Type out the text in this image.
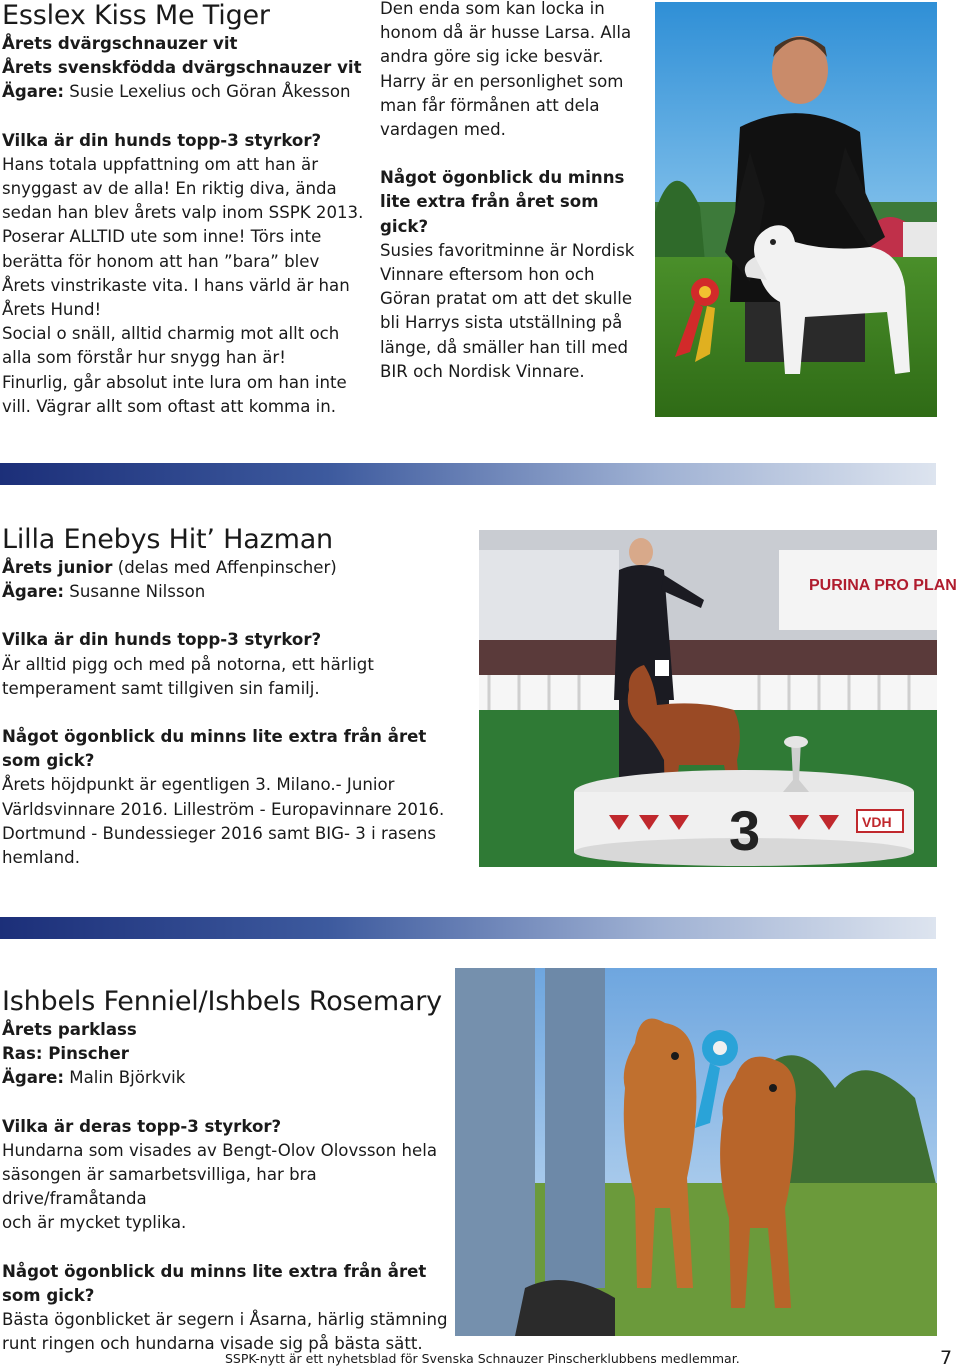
Esslex Kiss Me Tiger

Årets dvärgschnauzer vit

Årets svenskfödda dvärgschnauzer vit

Ägare: Susie Lexelius och Göran Åkesson

Vilka är din hunds topp-3 styrkor?

Hans totala uppfattning om att han är

snyggast av de alla! En riktig diva, ända

sedan han blev årets valp inom SSPK 2013.

Poserar ALLTID ute som inne! Törs inte

berätta för honom att han ”bara” blev

Årets vinstrikaste vita. I hans värld är han

Årets Hund!

Social o snäll, alltid charmig mot allt och

alla som förstår hur snygg han är!

Finurlig, går absolut inte lura om han inte

vill. Vägrar allt som oftast att komma in.

Den enda som kan locka in

honom då är husse Larsa. Alla

andra göre sig icke besvär.

Harry är en personlighet som

man får förmånen att dela

vardagen med.

Något ögonblick du minns

lite extra från året som

gick?

Susies favoritminne är Nordisk

Vinnare eftersom hon och

Göran pratat om att det skulle

bli Harrys sista utställning på

länge, då smäller han till med

BIR och Nordisk Vinnare.

Lilla Enebys Hit’ Hazman

Årets junior (delas med Affenpinscher)

Ägare: Susanne Nilsson

Vilka är din hunds topp-3 styrkor?

Är alltid pigg och med på notorna, ett härligt

temperament samt tillgiven sin familj.

Något ögonblick du minns lite extra från året

som gick?

Årets höjdpunkt är egentligen 3. Milano.- Junior

Världsvinnare 2016. Lilleström - Europavinnare 2016.

Dortmund - Bundessieger 2016 samt BIG- 3 i rasens

hemland.

PURINA PRO PLAN
3	VDH
Ishbels Fenniel/Ishbels Rosemary

Årets parklass

Ras: Pinscher

Ägare: Malin Björkvik

Vilka är deras topp-3 styrkor?

Hundarna som visades av Bengt-Olov Olovsson hela

säsongen är samarbetsvilliga, har bra drive/framåtanda

och är mycket typlika.

Något ögonblick du minns lite extra från året

som gick?

Bästa ögonblicket är segern i Åsarna, härlig stämning

runt ringen och hundarna visade sig på bästa sätt.

SSPK-nytt är ett nyhetsblad för Svenska Schnauzer Pinscherklubbens medlemmar.	7
